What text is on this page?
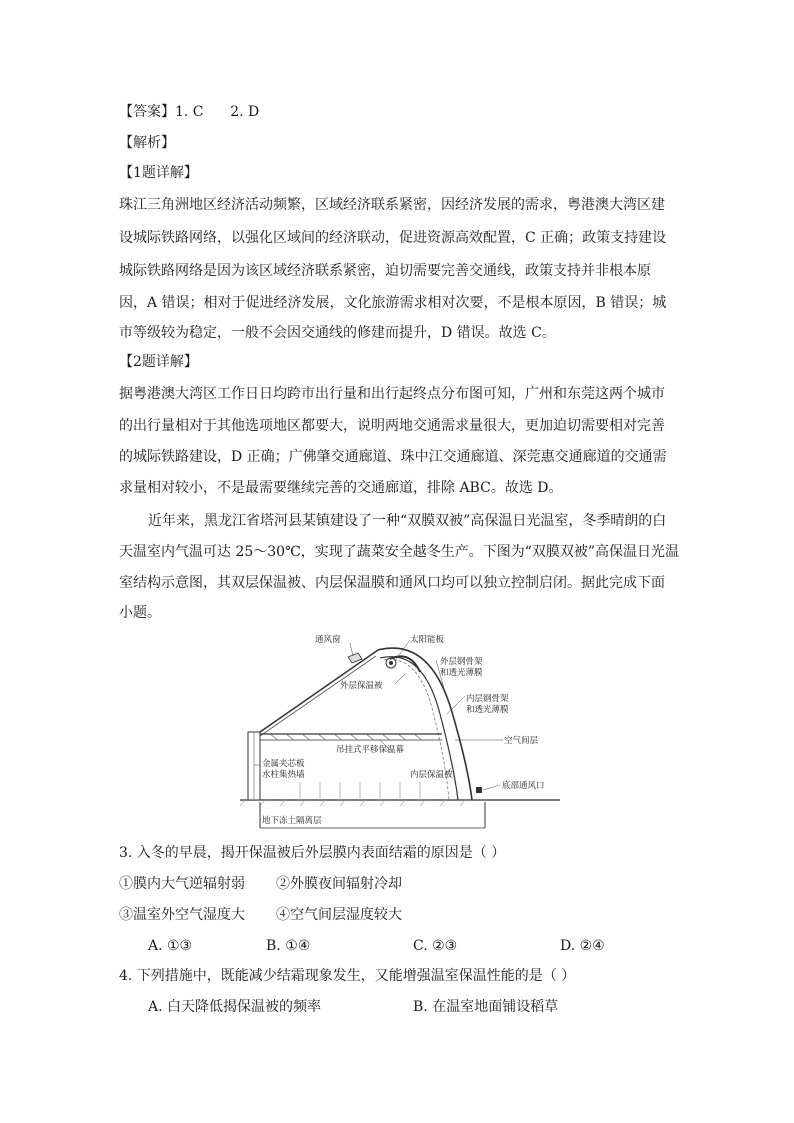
【答案】1. C      2. D
【解析】
【1题详解】
珠江三角洲地区经济活动频繁，区域经济联系紧密，因经济发展的需求，粤港澳大湾区建
设城际铁路网络，以强化区域间的经济联动，促进资源高效配置，C 正确；政策支持建设
城际铁路网络是因为该区域经济联系紧密，迫切需要完善交通线，政策支持并非根本原
因，A 错误；相对于促进经济发展，文化旅游需求相对次要，不是根本原因，B 错误；城
市等级较为稳定，一般不会因交通线的修建而提升，D 错误。故选 C。
【2题详解】
据粤港澳大湾区工作日日均跨市出行量和出行起终点分布图可知，广州和东莞这两个城市
的出行量相对于其他选项地区都要大，说明两地交通需求量很大，更加迫切需要相对完善
的城际铁路建设，D 正确；广佛肇交通廊道、珠中江交通廊道、深莞惠交通廊道的交通需
求量相对较小，不是最需要继续完善的交通廊道，排除 ABC。故选 D。
近年来，黑龙江省塔河县某镇建设了一种“双膜双被”高保温日光温室，冬季晴朗的白
天温室内气温可达 25～30℃，实现了蔬菜安全越冬生产。下图为“双膜双被”高保温日光温
室结构示意图，其双层保温被、内层保温膜和通风口均可以独立控制启闭。据此完成下面
小题。
通风窗	太阳能板
外层钢骨架
和透光薄膜
外层保温被
内层钢骨架
和透光薄膜
空气间层
吊挂式平移保温幕
金属夹芯板
水柱集热墙	内层保温被
底部通风口
地下冻土隔离层
3. 入冬的早晨，揭开保温被后外层膜内表面结霜的原因是（ ）
①膜内大气逆辐射弱 ②外膜夜间辐射冷却
③温室外空气湿度大 ④空气间层湿度较大
A. ①③	B. ①④	C. ②③	D. ②④
4. 下列措施中，既能减少结霜现象发生，又能增强温室保温性能的是（ ）
A. 白天降低揭保温被的频率	B. 在温室地面铺设稻草
